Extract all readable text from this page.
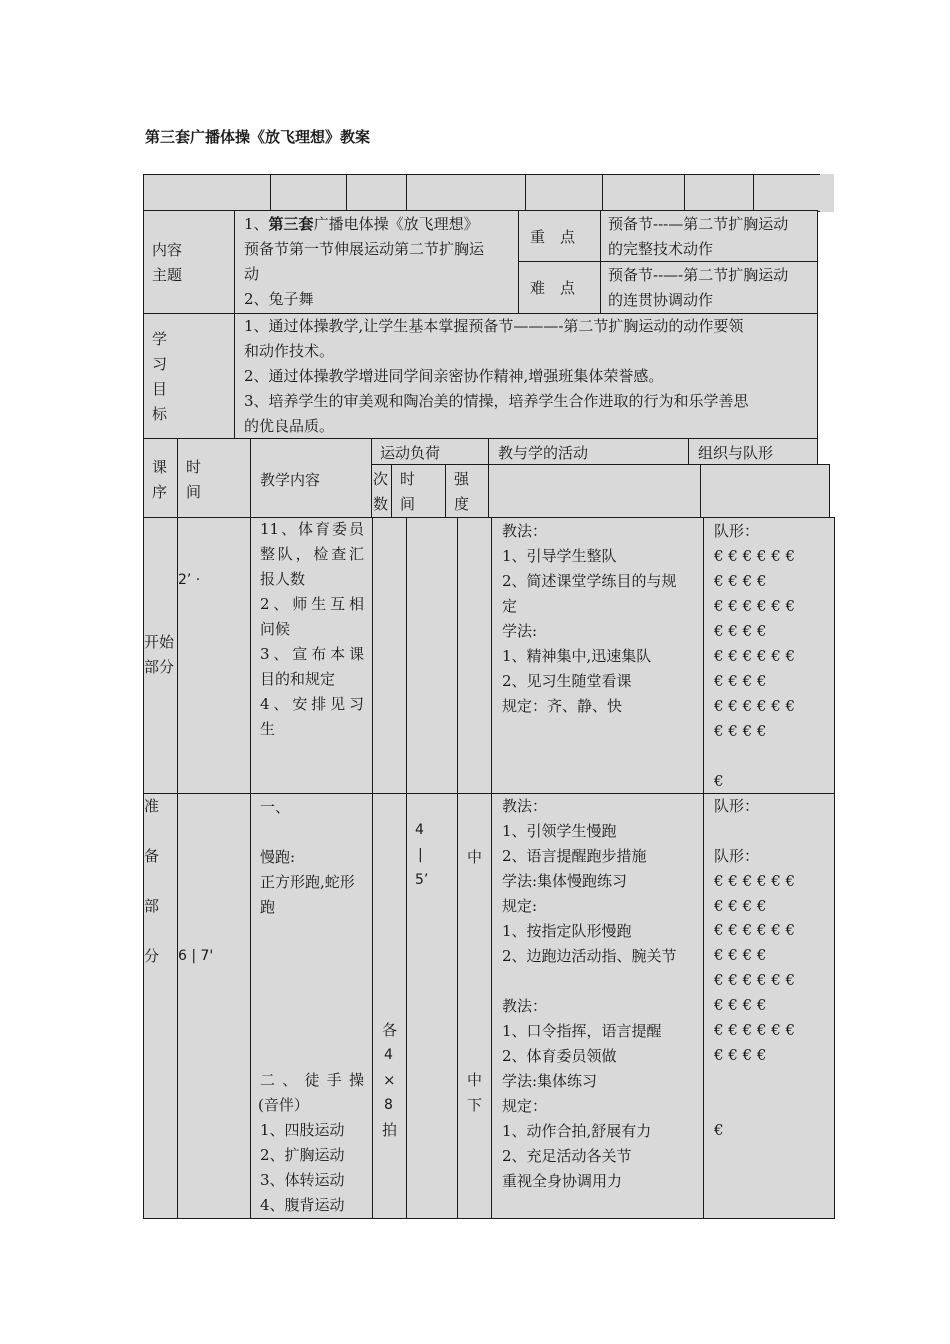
第三套广播体操《放飞理想》教案
内容
主题
1、第三套广播电体操《放飞理想》
预备节第一节伸展运动第二节扩胸运
动
2、兔子舞
重　点
难　点
预备节---—第二节扩胸运动
的完整技术动作
预备节--—-第二节扩胸运动
的连贯协调动作
学
习
目
标
1、通过体操教学,让学生基本掌握预备节———-第二节扩胸运动的动作要领
和动作技术。
2、通过体操教学增进同学间亲密协作精神,增强班集体荣誉感。
3、培养学生的审美观和陶冶美的情操，培养学生合作进取的行为和乐学善思
的优良品质。
课
序
时
间
教学内容
运动负荷
次
数
时
间
强
度
教与学的活动	组织与队形
开始
部分
2’ ·
11、体育委员
整队，检查汇
报人数
2、师生互相
问候
3、宣布本课
目的和规定
4、安排见习
生
教法：
1、引导学生整队
2、简述课堂学练目的与规
定
学法:
1、精神集中,迅速集队
2、见习生随堂看课
规定：齐、静、快
队形：
€ € € € € €
€ € € €
€ € € € € €
€ € € €
€ € € € € €
€ € € €
€ € € € € €
€ € € €
€
准
备
部
分 6 | 7'
一、
慢跑:
正方形跑,蛇形
跑
二、徒手操
(音伴）
1、四肢运动
2、扩胸运动
3、体转运动
4、腹背运动
各
4
×
8
拍
4
|
5’
中
中
下
教法：
1、引领学生慢跑
2、语言提醒跑步措施
学法:集体慢跑练习
规定:
1、按指定队形慢跑
2、边跑边活动指、腕关节
教法：
1、口令指挥，语言提醒
2、体育委员领做
学法:集体练习
规定：
1、动作合拍,舒展有力
2、充足活动各关节
重视全身协调用力
队形：
队形：
€ € € € € €
€ € € €
€ € € € € €
€ € € €
€ € € € € €
€ € € €
€ € € € € €
€ € € €
€
